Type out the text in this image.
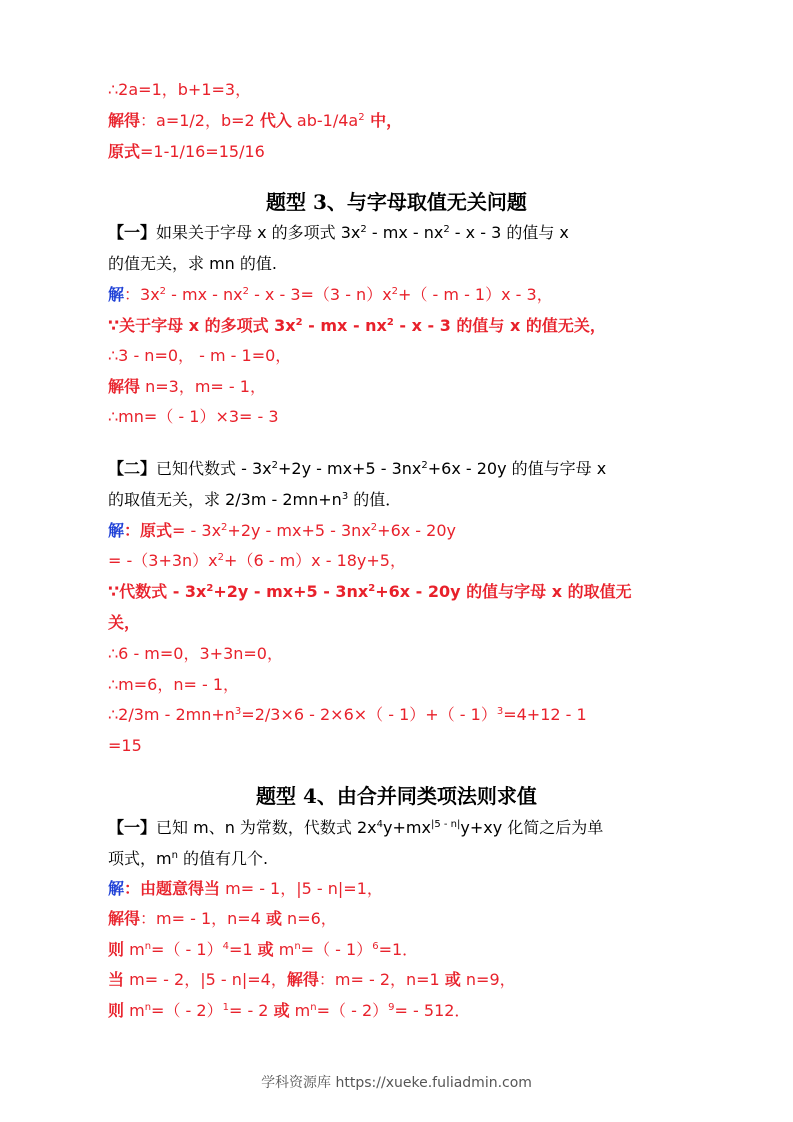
∴2a=1，b+1=3，
解得：a=1/2，b=2 代入 $ab-1/4a^2$ 中，
原式=1-1/16=15/16
题型 3、与字母取值无关问题
【一】如果关于字母 x 的多项式 $3x^2$ - mx - $nx^2$ - x - 3 的值与 x
的值无关，求 mn 的值.
解：$3x^2$ - mx - $nx^2 - x - 3=(3 - n)x^2+( - m - 1)x - 3$，
∵关于字母 x 的多项式 $3x^2$ - mx - $nx^2$ - x - 3 的值与 x 的值无关，
∴3 - n=0， - m - 1=0，
解得 n=3，m= - 1，
∴mn=（ - 1）×3= - 3
【二】已知代数式 - $3x^2+2y - mx+5 - 3nx^2+6x - 20y$ 的值与字母 x
的取值无关，求 $2/3m - 2mn+n^3$ 的值．
解：原式= - $3x^2+2y - mx+5 - 3nx^2+6x - 20y$
= $-(3+3n)x^2+(6 - m)x - 18y+5$，
∵代数式 - $3x^2+2y - mx+5 - 3nx^2+6x - 20y$ 的值与字母 x 的取值无
关，
∴6 - m=0，3+3n=0，
∴m=6，n= - 1，
∴2/3m - $2mn+n^3=2/3\times 6 - 2\times 6\times( - 1)+( - 1)^3=4+12 - 1$
=15
题型 4、由合并同类项法则求值
【一】已知 m、n 为常数，代数式 $2x^4y+mx^{|5 - n|}y+xy$ 化简之后为单
项式，$m^n$ 的值有几个.
解：由题意得当 m= - 1，|5 - n|=1，
解得：m= - 1，n=4 或 n=6，
则 $m^n=( - 1)^4=1$ 或 $m^n=( - 1)^6=1$．
当 m= - 2，|5 - n|=4，解得：m= - 2，n=1 或 n=9，
则 $m^n=( - 2)^1= - 2$ 或 $m^n=( - 2)^9= - 512$．
学科资源库 https://xueke.fuliadmin.com
